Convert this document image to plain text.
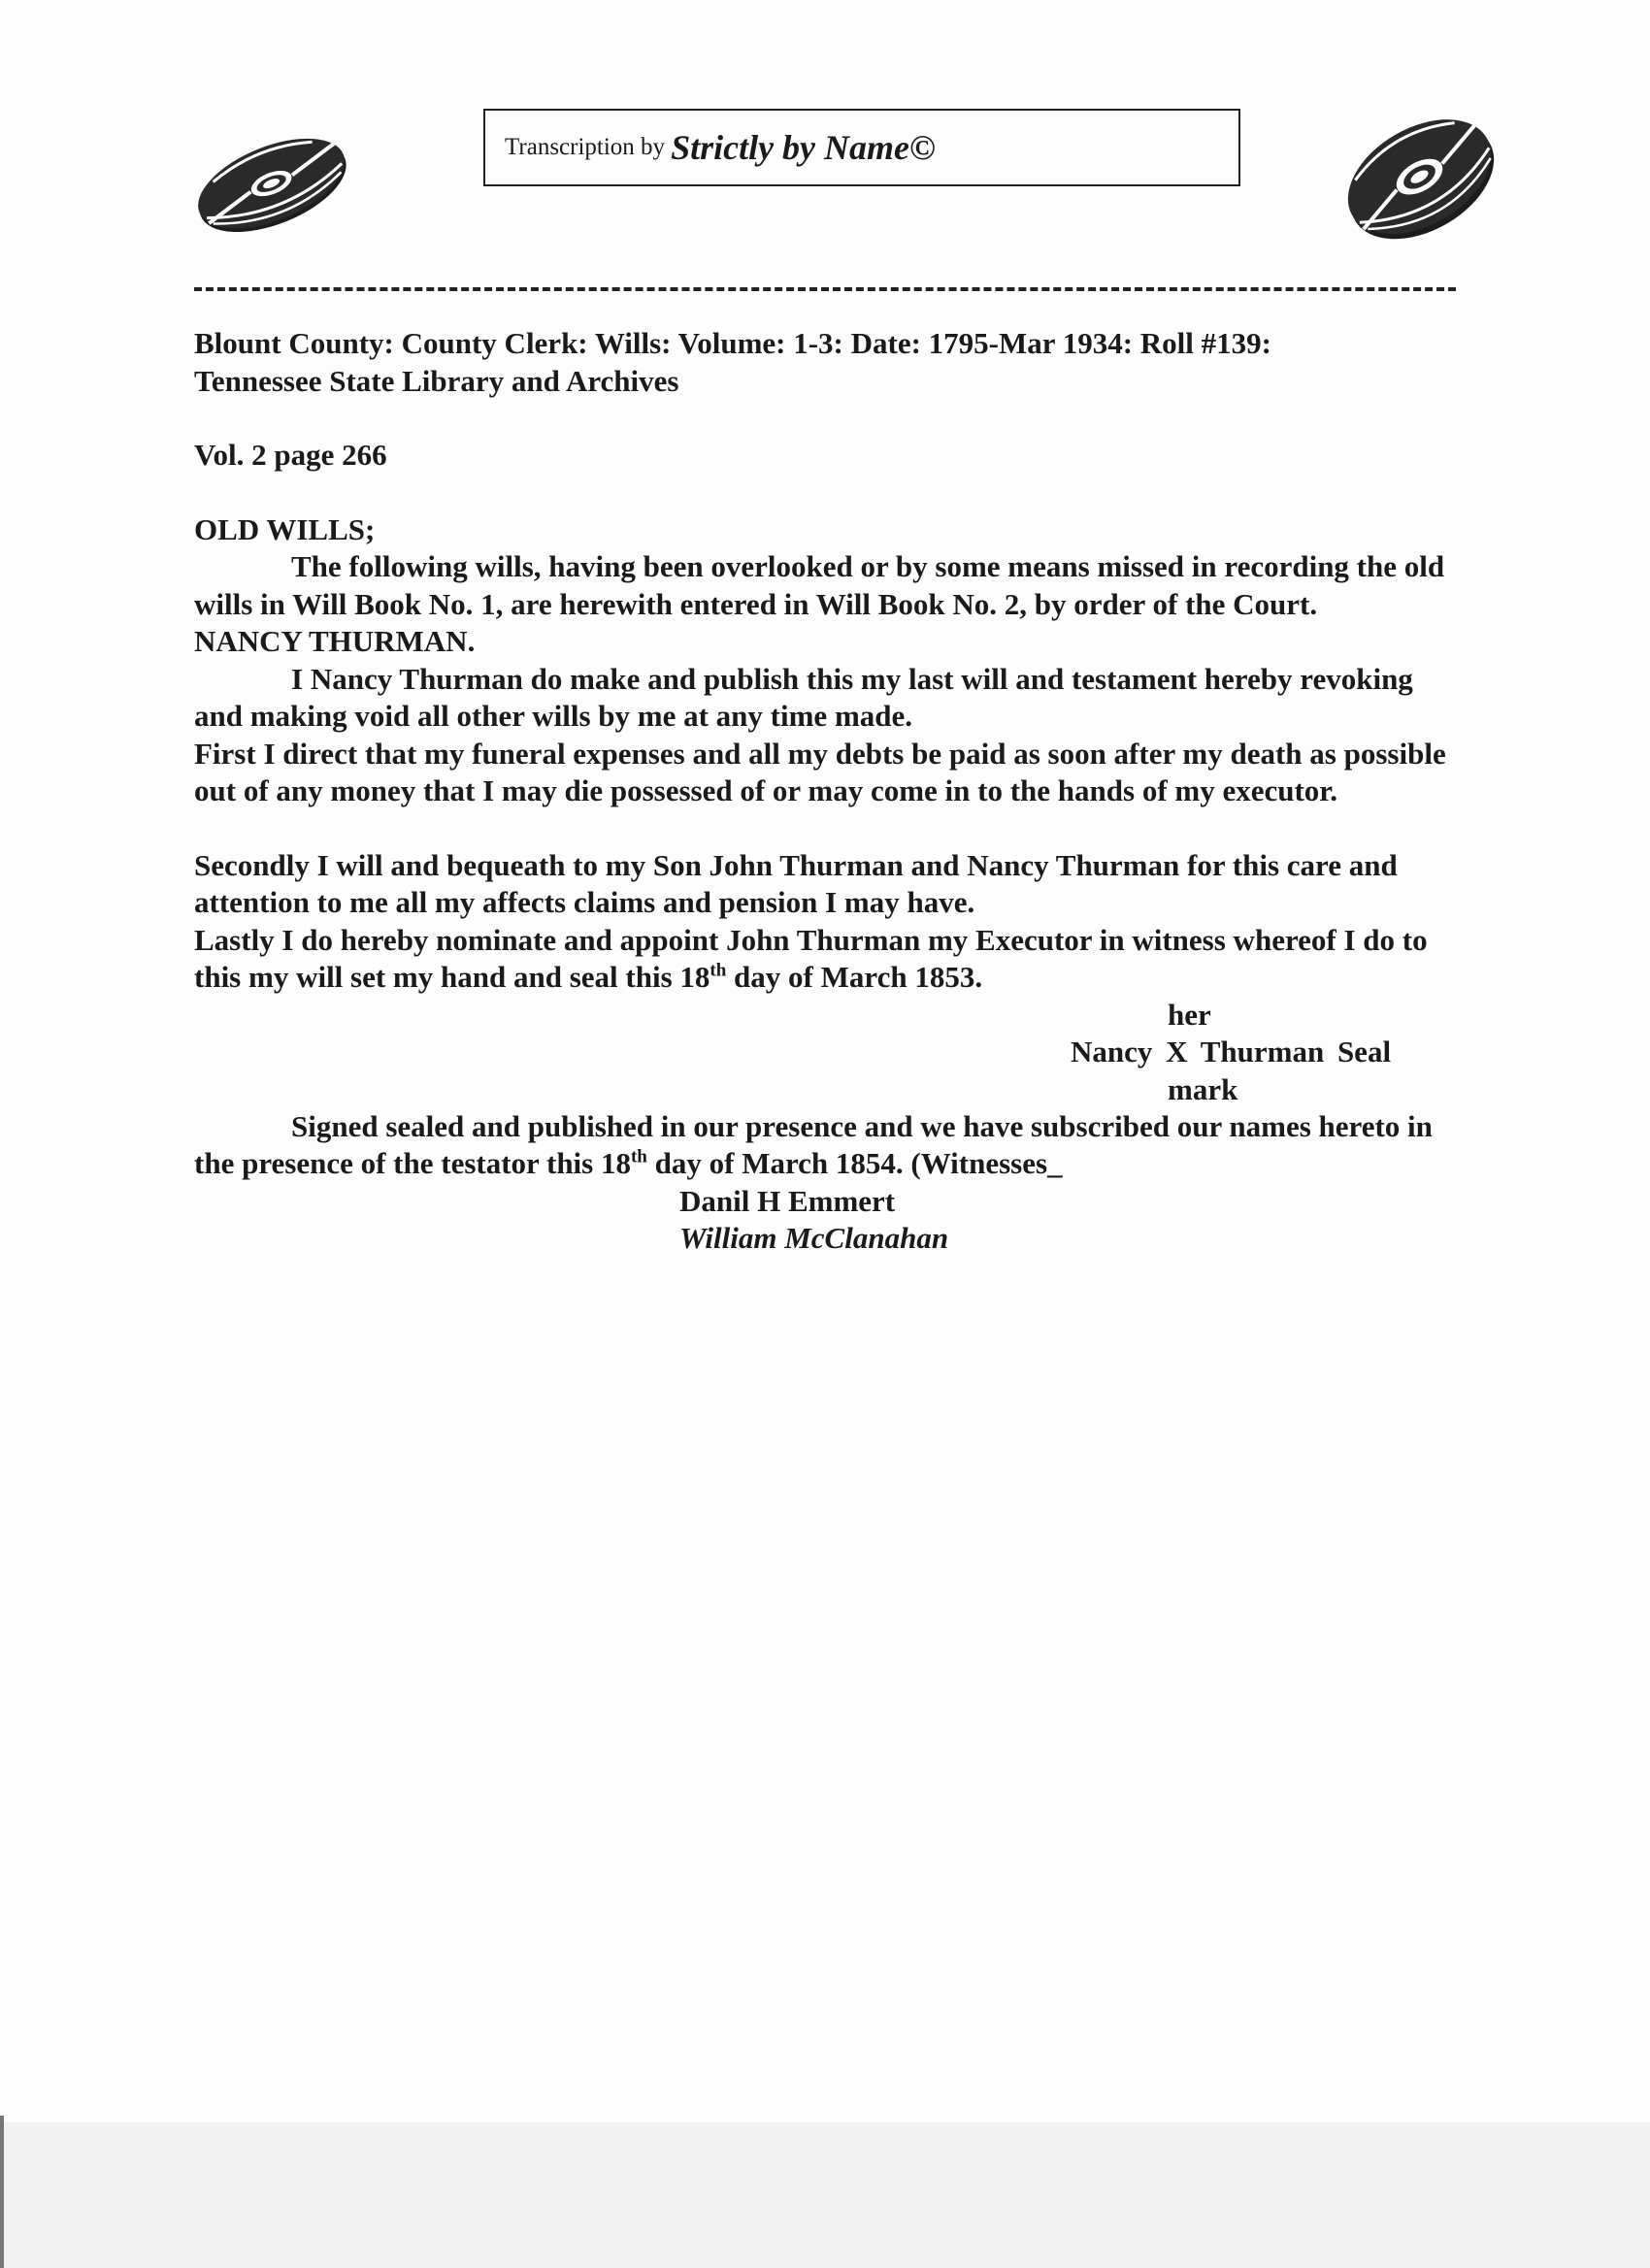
Transcription by Strictly by Name©

Blount County: County Clerk: Wills: Volume: 1-3: Date: 1795-Mar 1934: Roll #139:

Tennessee State Library and Archives

Vol. 2 page 266

OLD WILLS;

The following wills, having been overlooked or by some means missed in recording the old wills in Will Book No. 1, are herewith entered in Will Book No. 2, by order of the Court.

NANCY THURMAN.

I Nancy Thurman do make and publish this my last will and testament hereby revoking and making void all other wills by me at any time made.

First I direct that my funeral expenses and all my debts be paid as soon after my death as possible out of any money that I may die possessed of or may come in to the hands of my executor.

Secondly I will and bequeath to my Son John Thurman and Nancy Thurman for this care and attention to me all my affects claims and pension I may have.

Lastly I do hereby nominate and appoint John Thurman my Executor in witness whereof I do to this my will set my hand and seal this 18th day of March 1853.

her
Nancy X Thurman Seal
mark

Signed sealed and published in our presence and we have subscribed our names hereto in the presence of the testator this 18th day of March 1854. (Witnesses_

Danil H Emmert

William McClanahan
